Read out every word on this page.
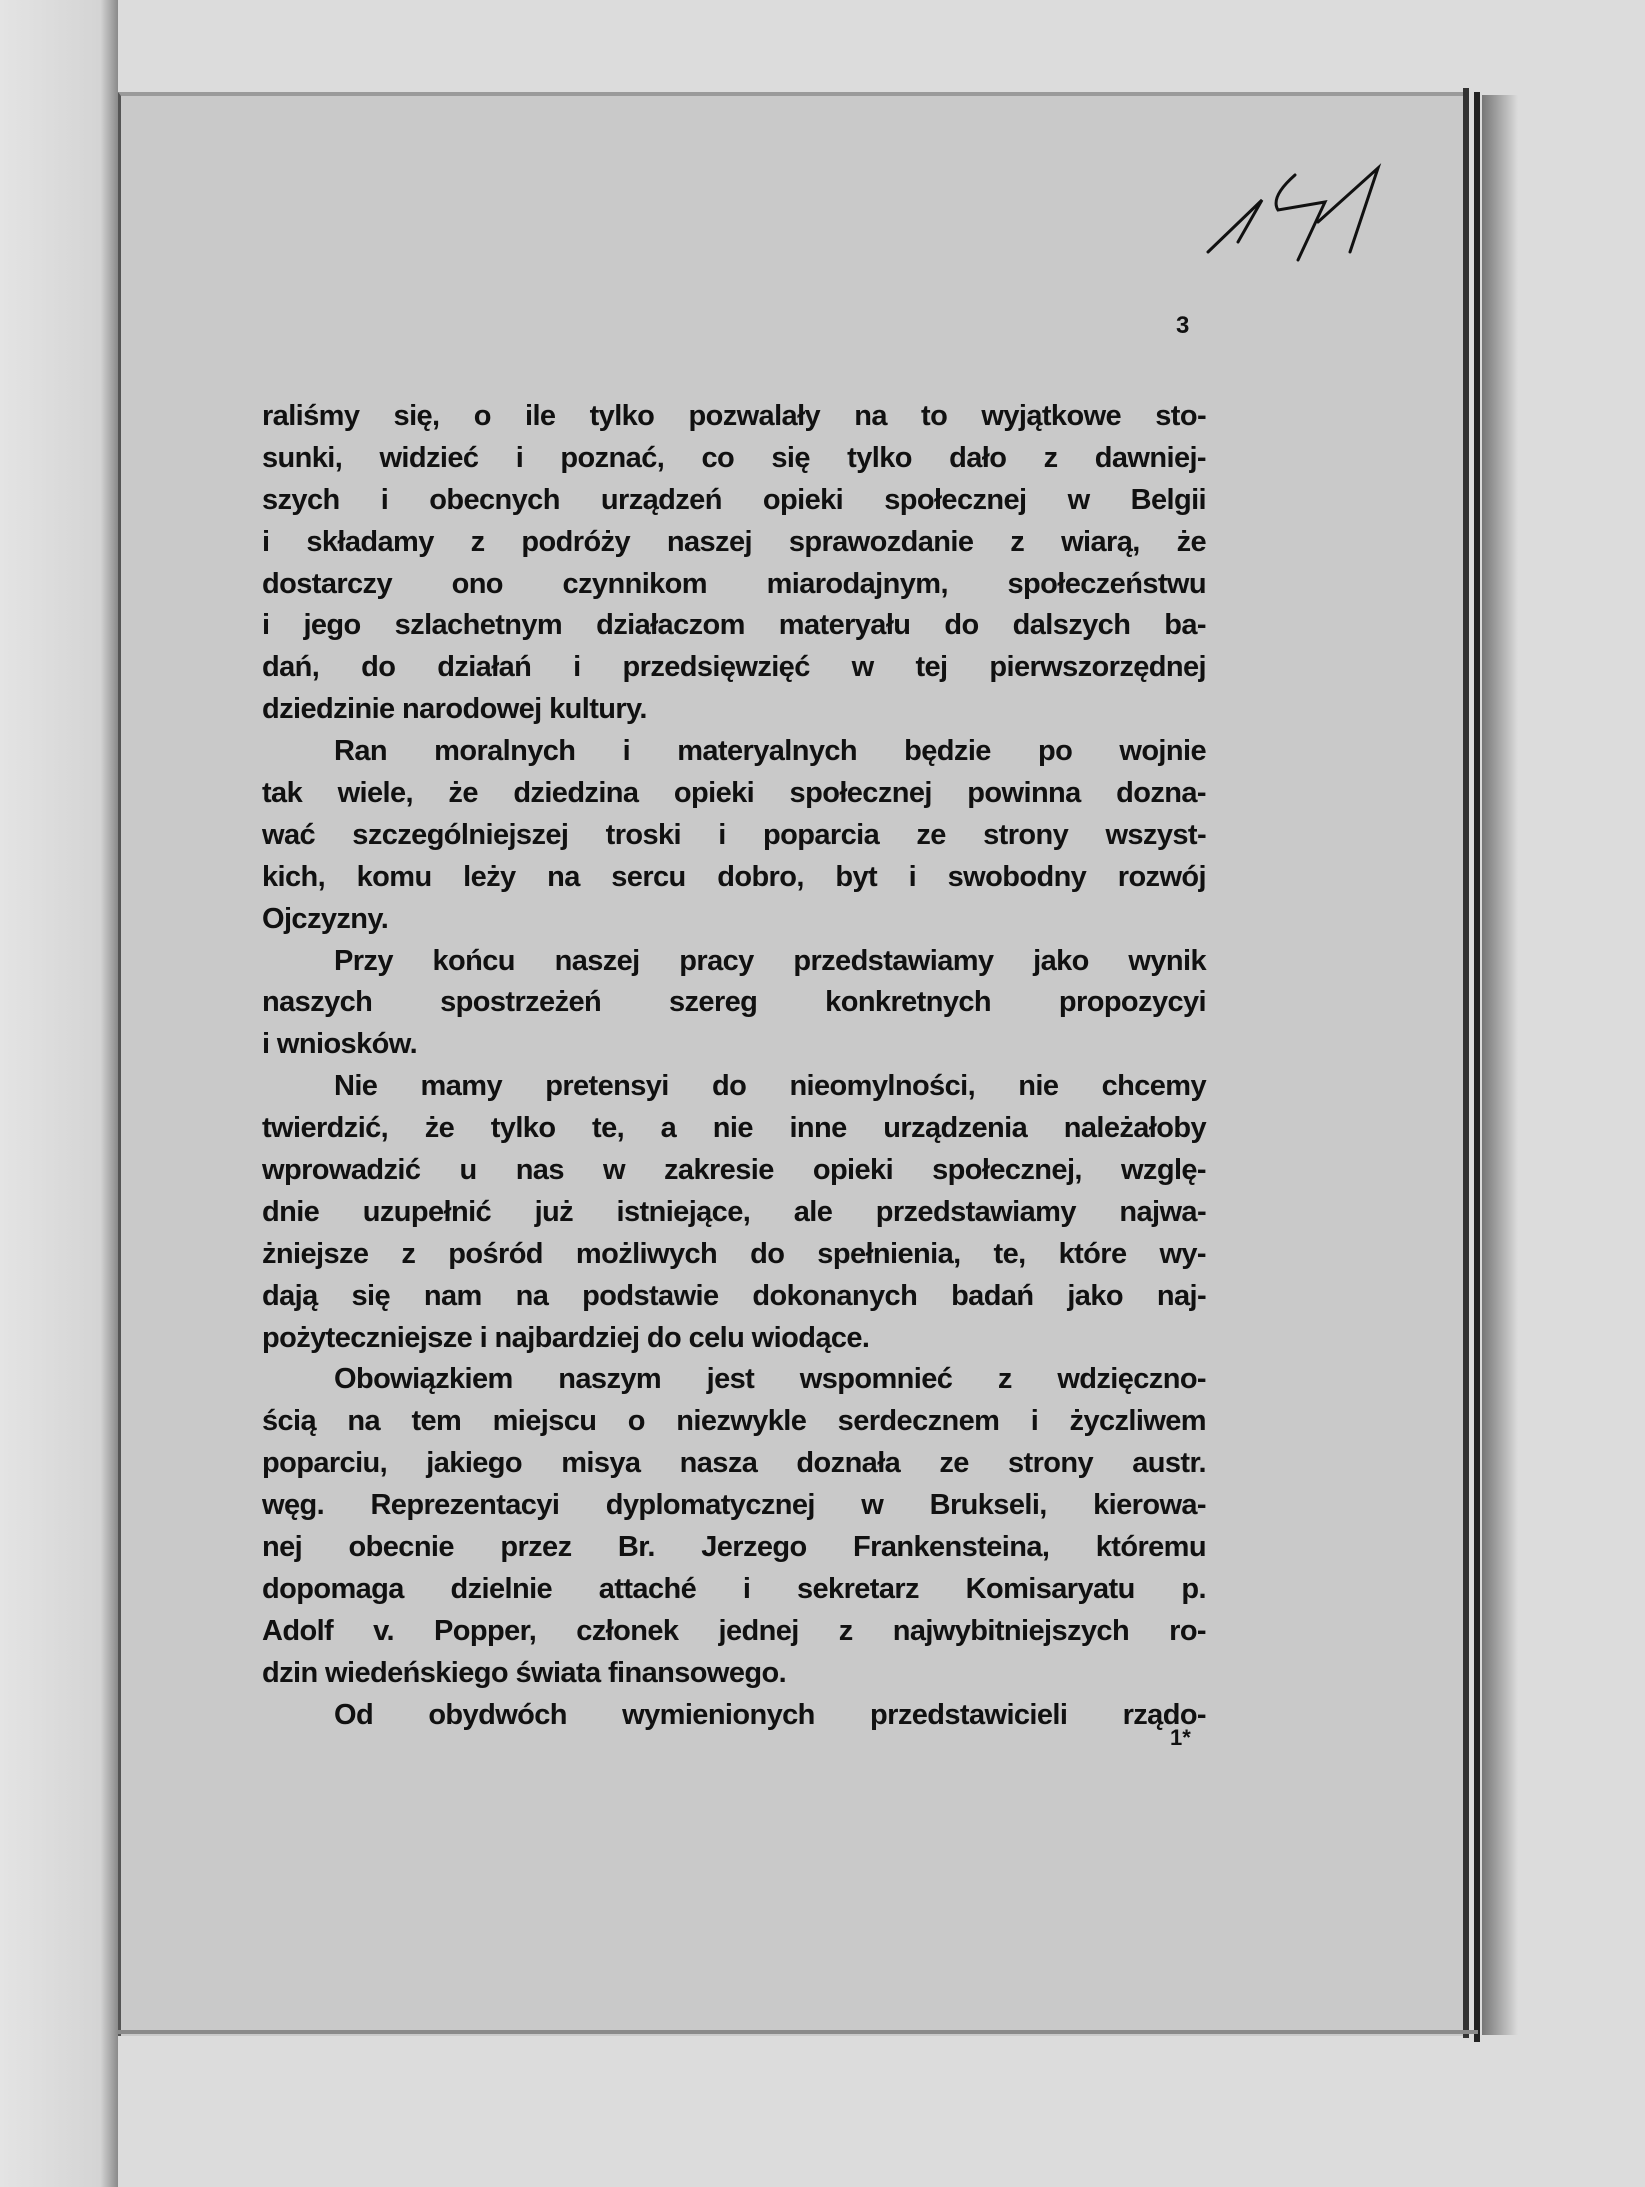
3
raliśmy się, o ile tylko pozwalały na to wyjątkowe sto-
sunki, widzieć i poznać, co się tylko dało z dawniej-
szych i obecnych urządzeń opieki społecznej w Belgii
i składamy z podróży naszej sprawozdanie z wiarą, że
dostarczy ono czynnikom miarodajnym, społeczeństwu
i jego szlachetnym działaczom materyału do dalszych ba-
dań, do działań i przedsięwzięć w tej pierwszorzędnej
dziedzinie narodowej kultury.
Ran moralnych i materyalnych będzie po wojnie
tak wiele, że dziedzina opieki społecznej powinna dozna-
wać szczególniejszej troski i poparcia ze strony wszyst-
kich, komu leży na sercu dobro, byt i swobodny rozwój
Ojczyzny.
Przy końcu naszej pracy przedstawiamy jako wynik
naszych spostrzeżeń szereg konkretnych propozycyi
i wniosków.
Nie mamy pretensyi do nieomylności, nie chcemy
twierdzić, że tylko te, a nie inne urządzenia należałoby
wprowadzić u nas w zakresie opieki społecznej, wzglę-
dnie uzupełnić już istniejące, ale przedstawiamy najwa-
żniejsze z pośród możliwych do spełnienia, te, które wy-
dają się nam na podstawie dokonanych badań jako naj-
pożyteczniejsze i najbardziej do celu wiodące.
Obowiązkiem naszym jest wspomnieć z wdzięczno-
ścią na tem miejscu o niezwykle serdecznem i życzliwem
poparciu, jakiego misya nasza doznała ze strony austr.
węg. Reprezentacyi dyplomatycznej w Brukseli, kierowa-
nej obecnie przez Br. Jerzego Frankensteina, któremu
dopomaga dzielnie attaché i sekretarz Komisaryatu p.
Adolf v. Popper, członek jednej z najwybitniejszych ro-
dzin wiedeńskiego świata finansowego.
Od obydwóch wymienionych przedstawicieli rządo-
1*
